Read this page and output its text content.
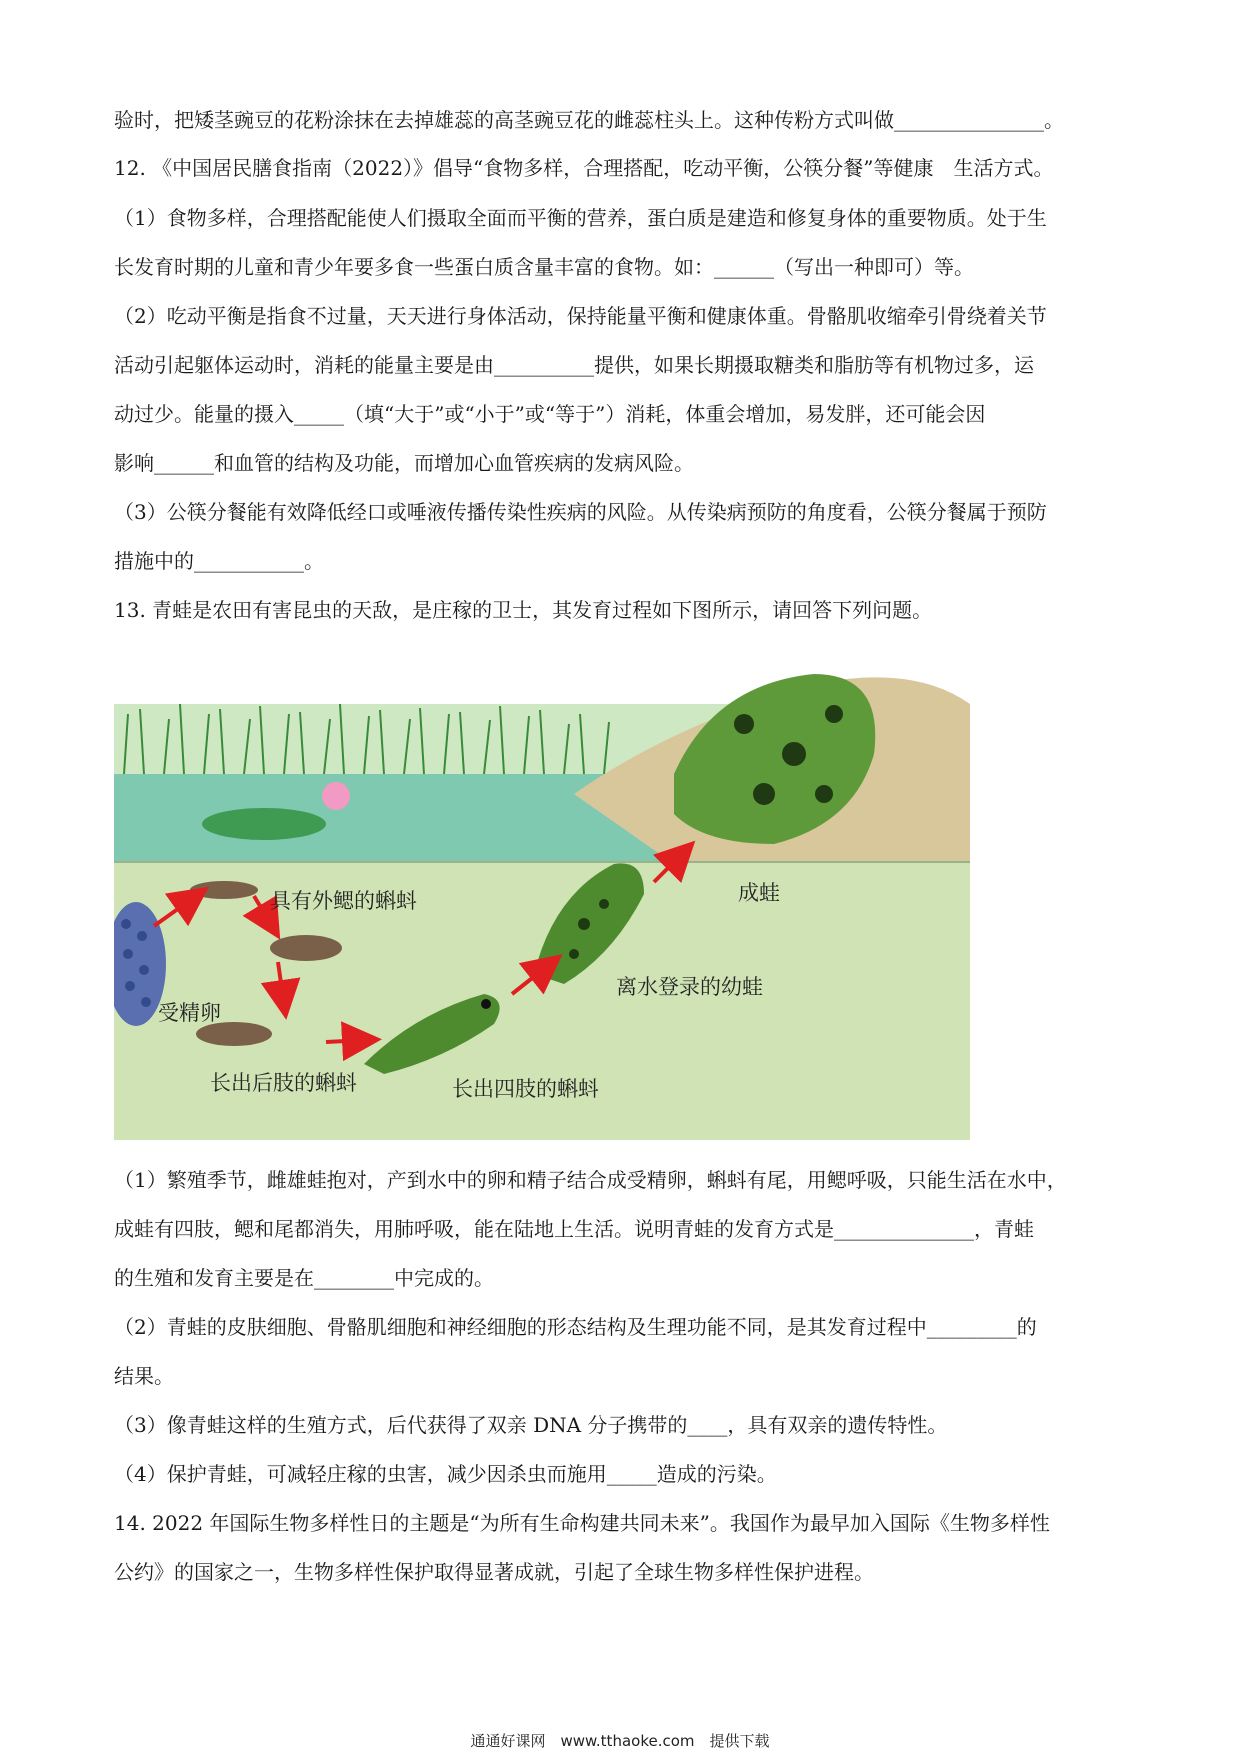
验时，把矮茎豌豆的花粉涂抹在去掉雄蕊的高茎豌豆花的雌蕊柱头上。这种传粉方式叫做_______________。
12. 《中国居民膳食指南（2022）》倡导“食物多样，合理搭配，吃动平衡，公筷分餐”等健康　生活方式。
（1）食物多样，合理搭配能使人们摄取全面而平衡的营养，蛋白质是建造和修复身体的重要物质。处于生
长发育时期的儿童和青少年要多食一些蛋白质含量丰富的食物。如：______（写出一种即可）等。
（2）吃动平衡是指食不过量，天天进行身体活动，保持能量平衡和健康体重。骨骼肌收缩牵引骨绕着关节
活动引起躯体运动时，消耗的能量主要是由__________提供，如果长期摄取糖类和脂肪等有机物过多，运
动过少。能量的摄入_____（填“大于”或“小于”或“等于”）消耗，体重会增加，易发胖，还可能会因
影响______和血管的结构及功能，而增加心血管疾病的发病风险。
（3）公筷分餐能有效降低经口或唾液传播传染性疾病的风险。从传染病预防的角度看，公筷分餐属于预防
措施中的___________。
13. 青蛙是农田有害昆虫的天敌，是庄稼的卫士，其发育过程如下图所示，请回答下列问题。
具有外鳃的蝌蚪	成蛙
离水登录的幼蛙
受精卵
长出后肢的蝌蚪	长出四肢的蝌蚪
（1）繁殖季节，雌雄蛙抱对，产到水中的卵和精子结合成受精卵，蝌蚪有尾，用鳃呼吸，只能生活在水中，
成蛙有四肢，鳃和尾都消失，用肺呼吸，能在陆地上生活。说明青蛙的发育方式是______________，青蛙
的生殖和发育主要是在________中完成的。
（2）青蛙的皮肤细胞、骨骼肌细胞和神经细胞的形态结构及生理功能不同，是其发育过程中_________的
结果。
（3）像青蛙这样的生殖方式，后代获得了双亲 DNA 分子携带的____，具有双亲的遗传特性。
（4）保护青蛙，可减轻庄稼的虫害，减少因杀虫而施用_____造成的污染。
14. 2022 年国际生物多样性日的主题是“为所有生命构建共同未来”。我国作为最早加入国际《生物多样性
公约》的国家之一，生物多样性保护取得显著成就，引起了全球生物多样性保护进程。
通通好课网　www.tthaoke.com　提供下载
